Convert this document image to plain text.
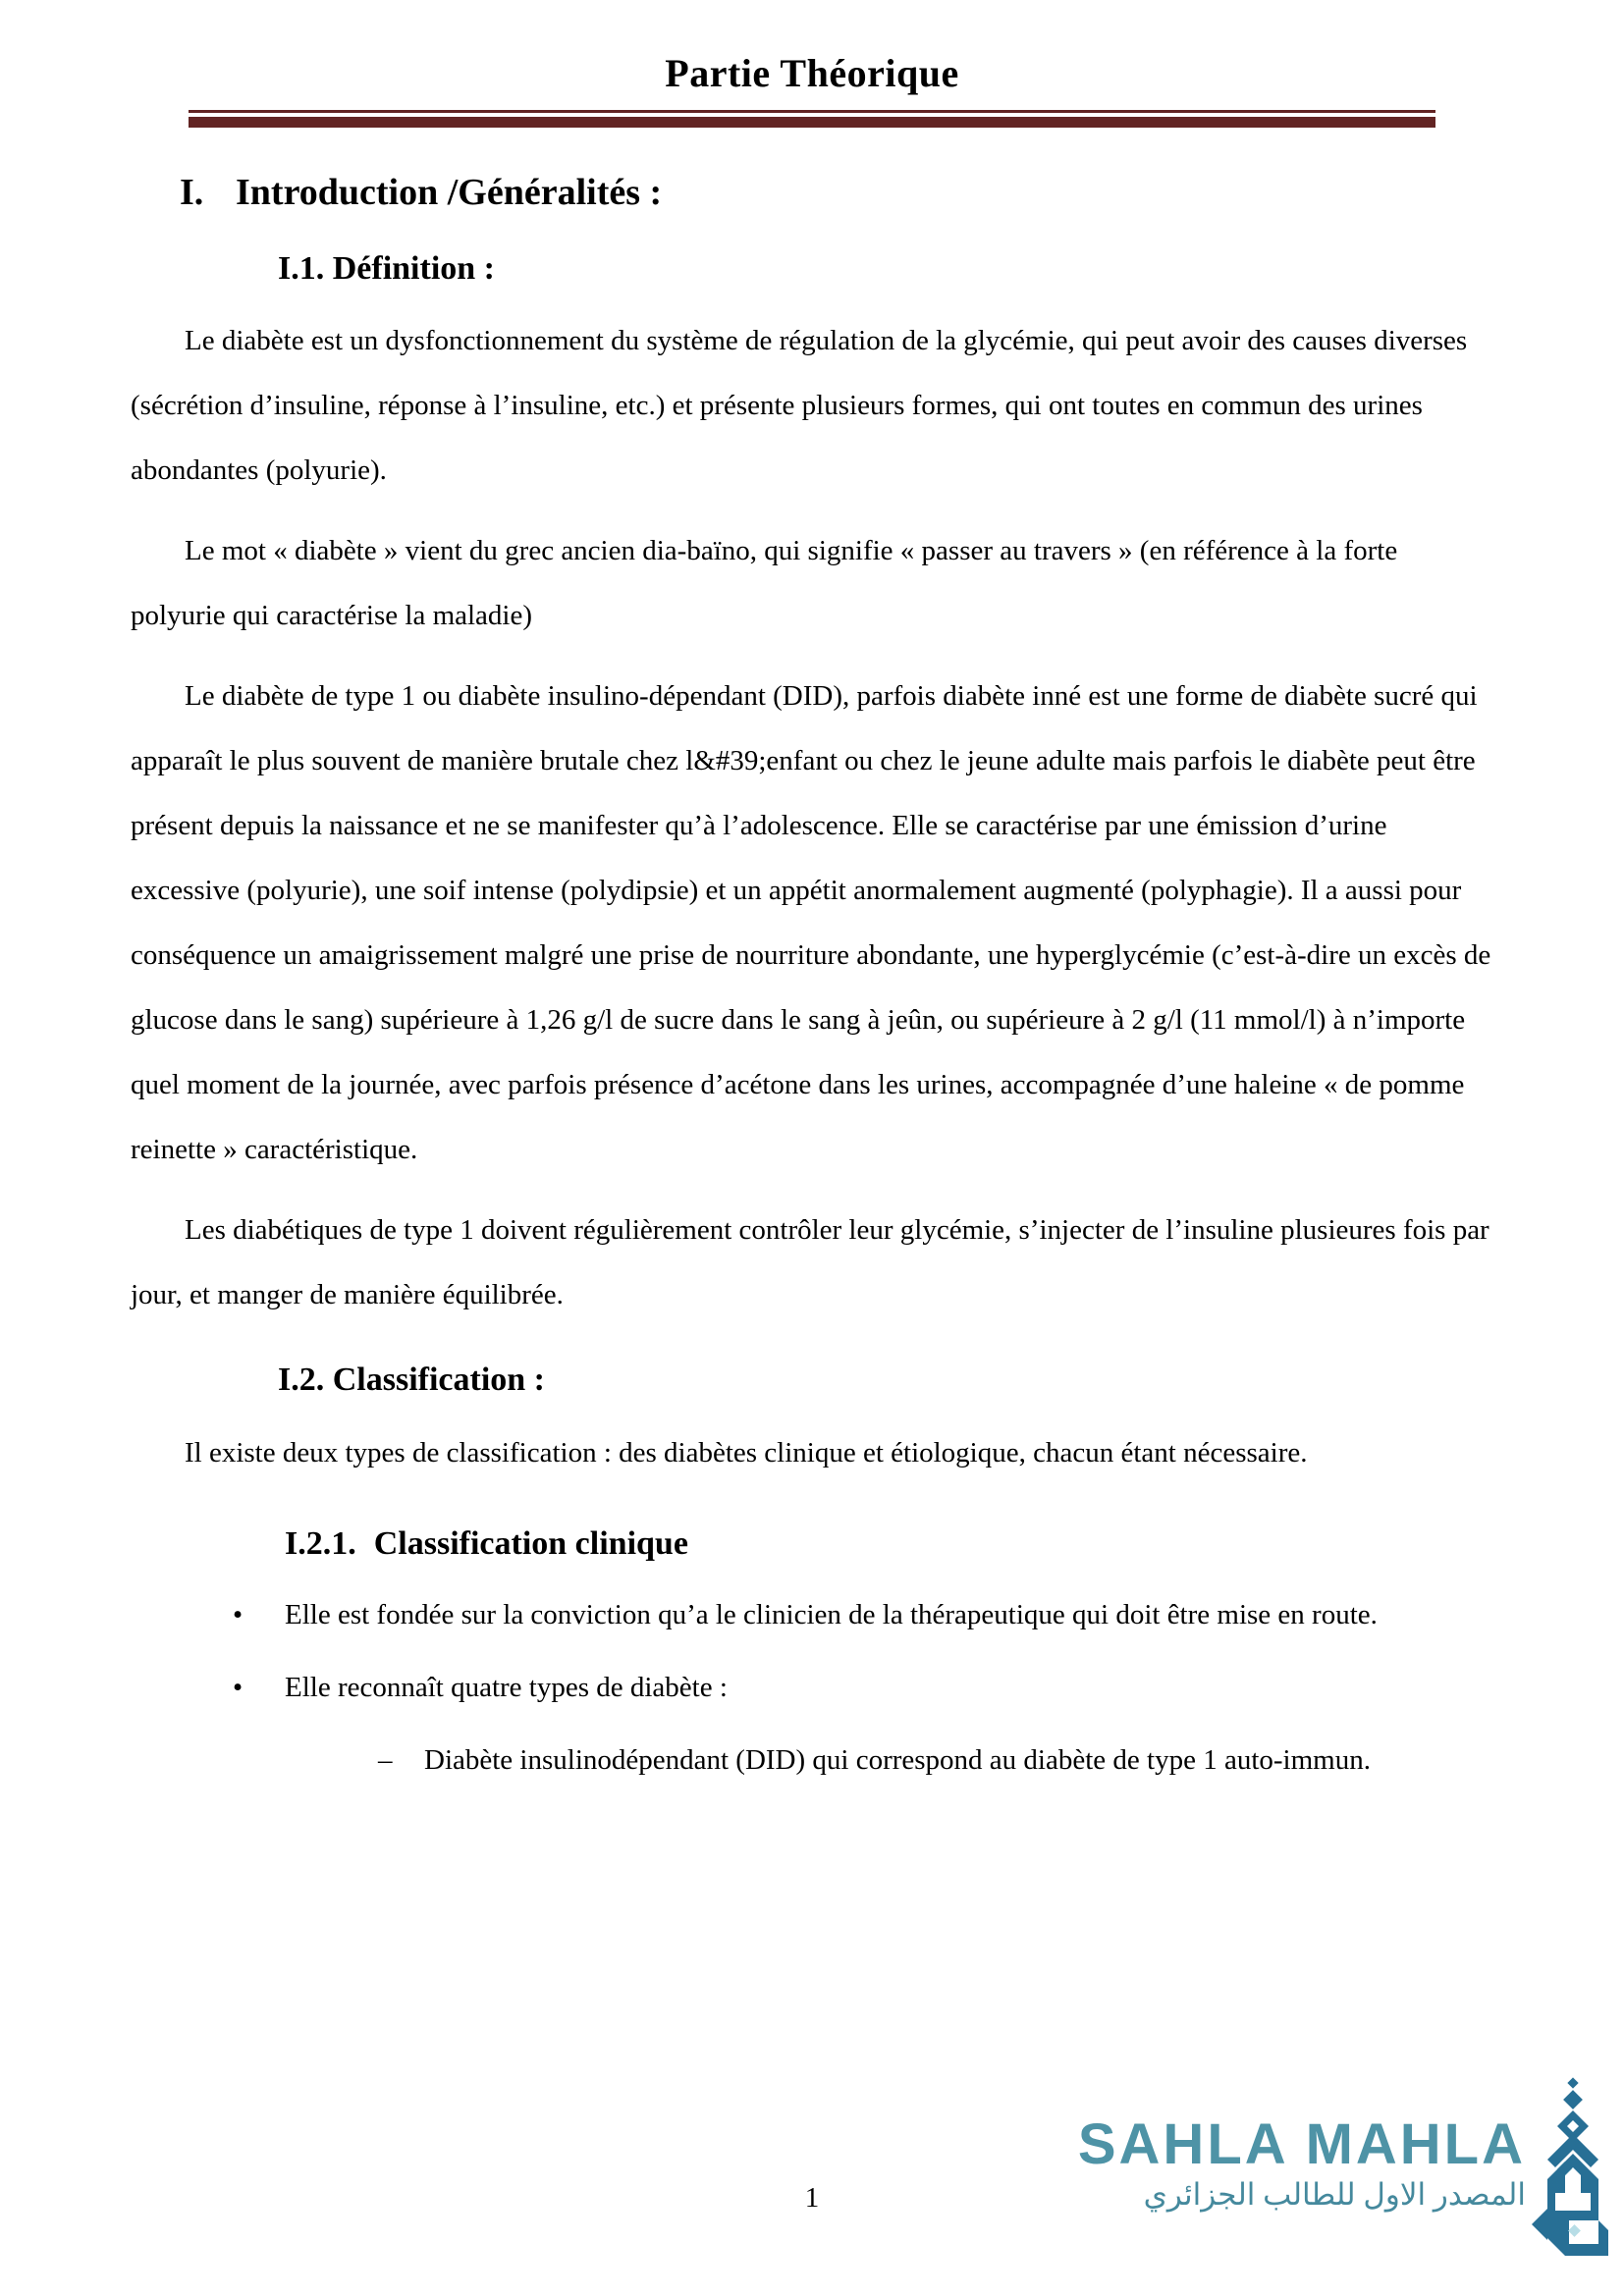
Partie Théorique
I. Introduction /Généralités :
I.1. Définition :

Le diabète est un dysfonctionnement du système de régulation de la glycémie, qui peut avoir des causes diverses (sécrétion d’insuline, réponse à l’insuline, etc.) et présente plusieurs formes, qui ont toutes en commun des urines abondantes (polyurie).

Le mot « diabète » vient du grec ancien dia-baïno, qui signifie « passer au travers » (en référence à la forte polyurie qui caractérise la maladie)

Le diabète de type 1 ou diabète insulino-dépendant (DID), parfois diabète inné est une forme de diabète sucré qui apparaît le plus souvent de manière brutale chez l&#39;enfant ou chez le jeune adulte mais parfois le diabète peut être présent depuis la naissance et ne se manifester qu’à l’adolescence. Elle se caractérise par une émission d’urine excessive (polyurie), une soif intense (polydipsie) et un appétit anormalement augmenté (polyphagie). Il a aussi pour conséquence un amaigrissement malgré une prise de nourriture abondante, une hyperglycémie (c’est-à-dire un excès de glucose dans le sang) supérieure à 1,26 g/l de sucre dans le sang à jeûn, ou supérieure à 2 g/l (11 mmol/l) à n’importe quel moment de la journée, avec parfois présence d’acétone dans les urines, accompagnée d’une haleine « de pomme reinette » caractéristique.

Les diabétiques de type 1 doivent régulièrement contrôler leur glycémie, s’injecter de l’insuline plusieures fois par jour, et manger de manière équilibrée.

I.2. Classification :

Il existe deux types de classification : des diabètes clinique et étiologique, chacun étant nécessaire.

I.2.1. Classification clinique
• Elle est fondée sur la conviction qu’a le clinicien de la thérapeutique qui doit être mise en route.
• Elle reconnaît quatre types de diabète :
– Diabète insulinodépendant (DID) qui correspond au diabète de type 1 auto-immun.
1
SAHLA MAHLA
المصدر الاول للطالب الجزائري
